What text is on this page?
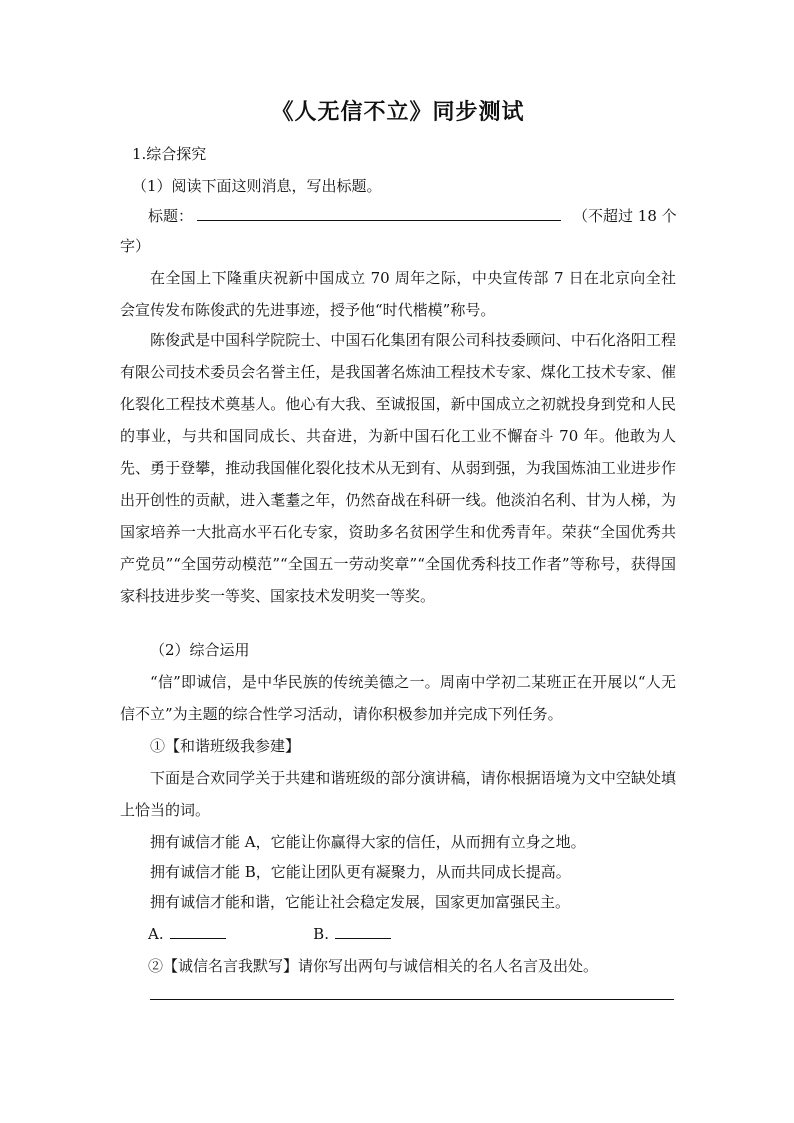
《人无信不立》同步测试
1.综合探究
（1）阅读下面这则消息，写出标题。
标题：	（不超过 18 个
字）
在全国上下隆重庆祝新中国成立 70 周年之际，中央宣传部 7 日在北京向全社会宣传发布陈俊武的先进事迹，授予他“时代楷模”称号。
陈俊武是中国科学院院士、中国石化集团有限公司科技委顾问、中石化洛阳工程有限公司技术委员会名誉主任，是我国著名炼油工程技术专家、煤化工技术专家、催化裂化工程技术奠基人。他心有大我、至诚报国，新中国成立之初就投身到党和人民的事业，与共和国同成长、共奋进，为新中国石化工业不懈奋斗 70 年。他敢为人先、勇于登攀，推动我国催化裂化技术从无到有、从弱到强，为我国炼油工业进步作出开创性的贡献，进入耄耋之年，仍然奋战在科研一线。他淡泊名利、甘为人梯，为国家培养一大批高水平石化专家，资助多名贫困学生和优秀青年。荣获“全国优秀共产党员”“全国劳动模范”“全国五一劳动奖章”“全国优秀科技工作者”等称号，获得国家科技进步奖一等奖、国家技术发明奖一等奖。
（2）综合运用
“信”即诚信，是中华民族的传统美德之一。周南中学初二某班正在开展以“人无信不立”为主题的综合性学习活动，请你积极参加并完成下列任务。
①【和谐班级我参建】
下面是合欢同学关于共建和谐班级的部分演讲稿，请你根据语境为文中空缺处填上恰当的词。
拥有诚信才能 A，它能让你赢得大家的信任，从而拥有立身之地。
拥有诚信才能 B，它能让团队更有凝聚力，从而共同成长提高。
拥有诚信才能和谐，它能让社会稳定发展，国家更加富强民主。
A.	B.
②【诚信名言我默写】请你写出两句与诚信相关的名人名言及出处。
